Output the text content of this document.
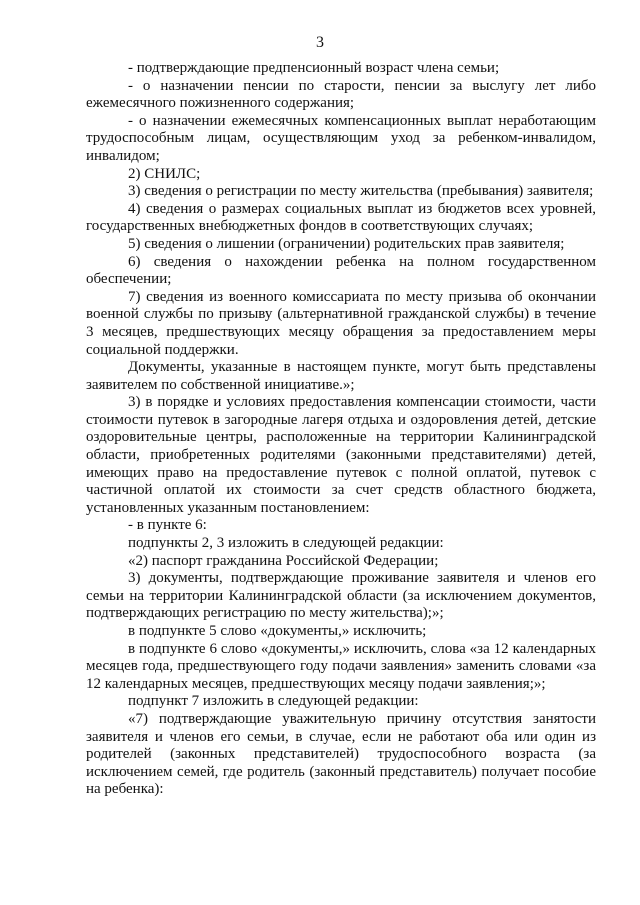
3

- подтверждающие предпенсионный возраст члена семьи;

- о назначении пенсии по старости, пенсии за выслугу лет либо ежемесячного пожизненного содержания;

- о назначении ежемесячных компенсационных выплат неработающим трудоспособным лицам, осуществляющим уход за ребенком-инвалидом, инвалидом;

2) СНИЛС;

3) сведения о регистрации по месту жительства (пребывания) заявителя;

4) сведения о размерах социальных выплат из бюджетов всех уровней, государственных внебюджетных фондов в соответствующих случаях;

5) сведения о лишении (ограничении) родительских прав заявителя;

6) сведения о нахождении ребенка на полном государственном обеспечении;

7) сведения из военного комиссариата по месту призыва об окончании военной службы по призыву (альтернативной гражданской службы) в течение 3 месяцев, предшествующих месяцу обращения за предоставлением меры социальной поддержки.

Документы, указанные в настоящем пункте, могут быть представлены заявителем по собственной инициативе.»;

3) в порядке и условиях предоставления компенсации стоимости, части стоимости путевок в загородные лагеря отдыха и оздоровления детей, детские оздоровительные центры, расположенные на территории Калининградской области, приобретенных родителями (законными представителями) детей, имеющих право на предоставление путевок с полной оплатой, путевок с частичной оплатой их стоимости за счет средств областного бюджета, установленных указанным постановлением:

- в пункте 6:

подпункты 2, 3 изложить в следующей редакции:

«2) паспорт гражданина Российской Федерации;

3) документы, подтверждающие проживание заявителя и членов его семьи на территории Калининградской области (за исключением документов, подтверждающих регистрацию по месту жительства);»;

в подпункте 5 слово «документы,» исключить;

в подпункте 6 слово «документы,» исключить, слова «за 12 календарных месяцев года, предшествующего году подачи заявления» заменить словами «за 12 календарных месяцев, предшествующих месяцу подачи заявления;»;

подпункт 7 изложить в следующей редакции:

«7) подтверждающие уважительную причину отсутствия занятости заявителя и членов его семьи, в случае, если не работают оба или один из родителей (законных представителей) трудоспособного возраста (за исключением семей, где родитель (законный представитель) получает пособие на ребенка):
